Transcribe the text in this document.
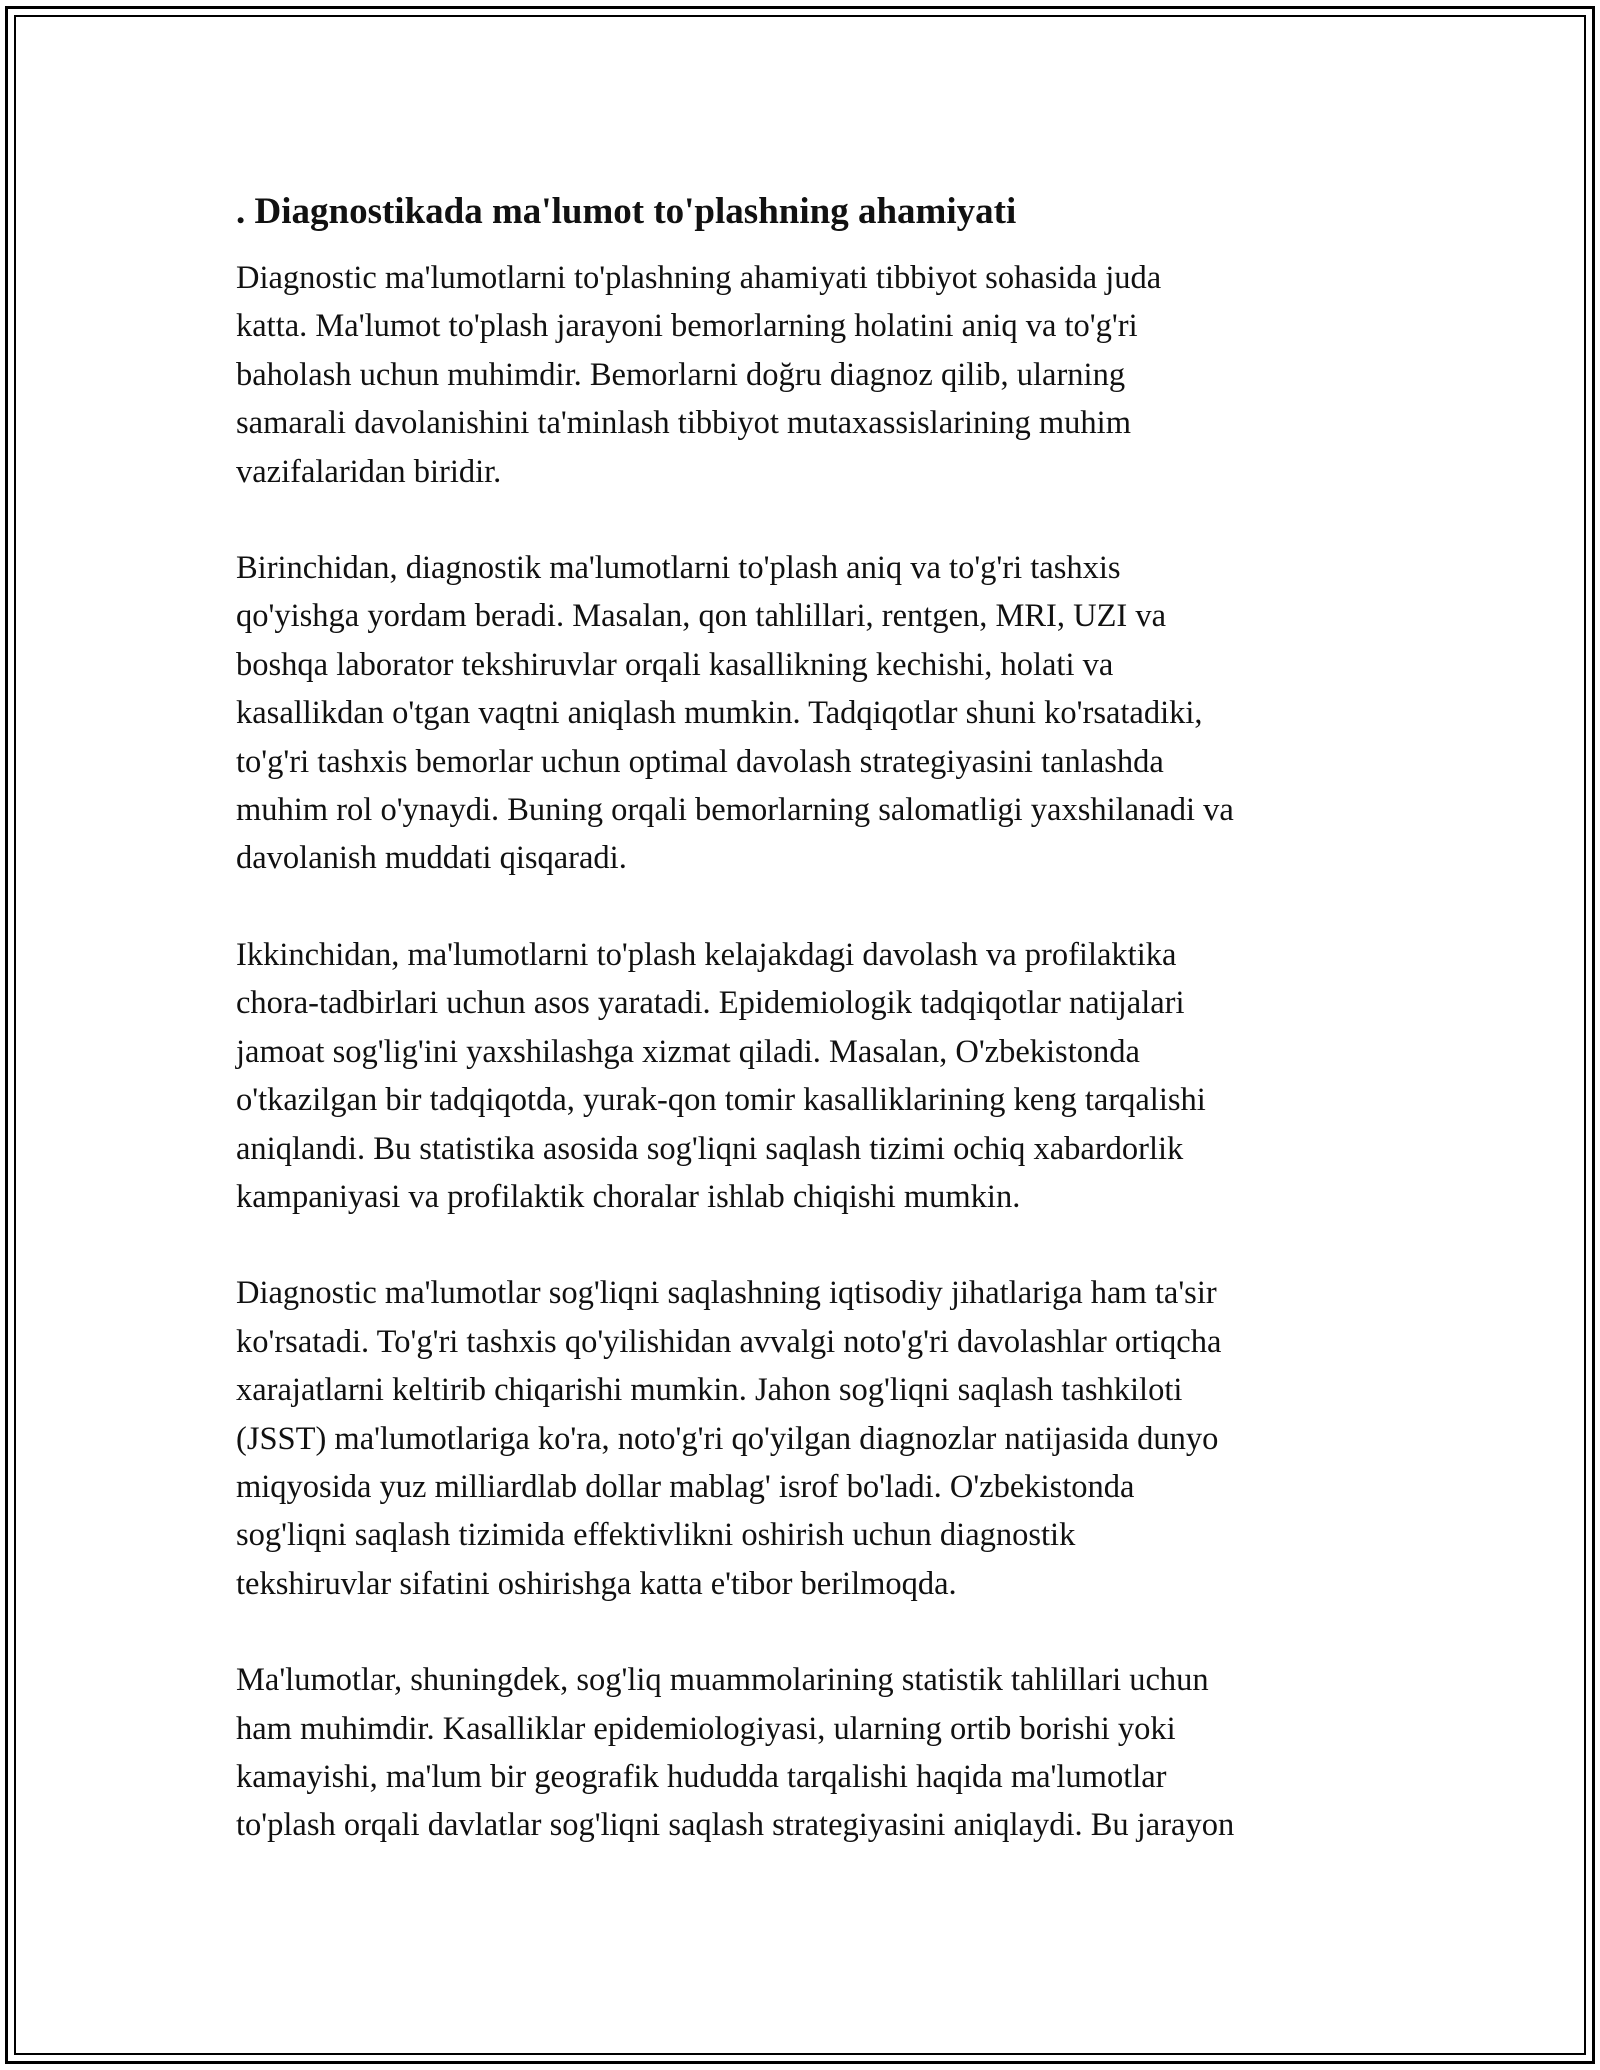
. Diagnostikada ma'lumot to'plashning ahamiyati
Diagnostic ma'lumotlarni to'plashning ahamiyati tibbiyot sohasida juda
katta. Ma'lumot to'plash jarayoni bemorlarning holatini aniq va to'g'ri
baholash uchun muhimdir. Bemorlarni doğru diagnoz qilib, ularning
samarali davolanishini ta'minlash tibbiyot mutaxassislarining muhim
vazifalaridan biridir.
Birinchidan, diagnostik ma'lumotlarni to'plash aniq va to'g'ri tashxis
qo'yishga yordam beradi. Masalan, qon tahlillari, rentgen, MRI, UZI va
boshqa laborator tekshiruvlar orqali kasallikning kechishi, holati va
kasallikdan o'tgan vaqtni aniqlash mumkin. Tadqiqotlar shuni ko'rsatadiki,
to'g'ri tashxis bemorlar uchun optimal davolash strategiyasini tanlashda
muhim rol o'ynaydi. Buning orqali bemorlarning salomatligi yaxshilanadi va
davolanish muddati qisqaradi.
Ikkinchidan, ma'lumotlarni to'plash kelajakdagi davolash va profilaktika
chora-tadbirlari uchun asos yaratadi. Epidemiologik tadqiqotlar natijalari
jamoat sog'lig'ini yaxshilashga xizmat qiladi. Masalan, O'zbekistonda
o'tkazilgan bir tadqiqotda, yurak-qon tomir kasalliklarining keng tarqalishi
aniqlandi. Bu statistika asosida sog'liqni saqlash tizimi ochiq xabardorlik
kampaniyasi va profilaktik choralar ishlab chiqishi mumkin.
Diagnostic ma'lumotlar sog'liqni saqlashning iqtisodiy jihatlariga ham ta'sir
ko'rsatadi. To'g'ri tashxis qo'yilishidan avvalgi noto'g'ri davolashlar ortiqcha
xarajatlarni keltirib chiqarishi mumkin. Jahon sog'liqni saqlash tashkiloti
(JSST) ma'lumotlariga ko'ra, noto'g'ri qo'yilgan diagnozlar natijasida dunyo
miqyosida yuz milliardlab dollar mablag' isrof bo'ladi. O'zbekistonda
sog'liqni saqlash tizimida effektivlikni oshirish uchun diagnostik
tekshiruvlar sifatini oshirishga katta e'tibor berilmoqda.
Ma'lumotlar, shuningdek, sog'liq muammolarining statistik tahlillari uchun
ham muhimdir. Kasalliklar epidemiologiyasi, ularning ortib borishi yoki
kamayishi, ma'lum bir geografik hududda tarqalishi haqida ma'lumotlar
to'plash orqali davlatlar sog'liqni saqlash strategiyasini aniqlaydi. Bu jarayon
